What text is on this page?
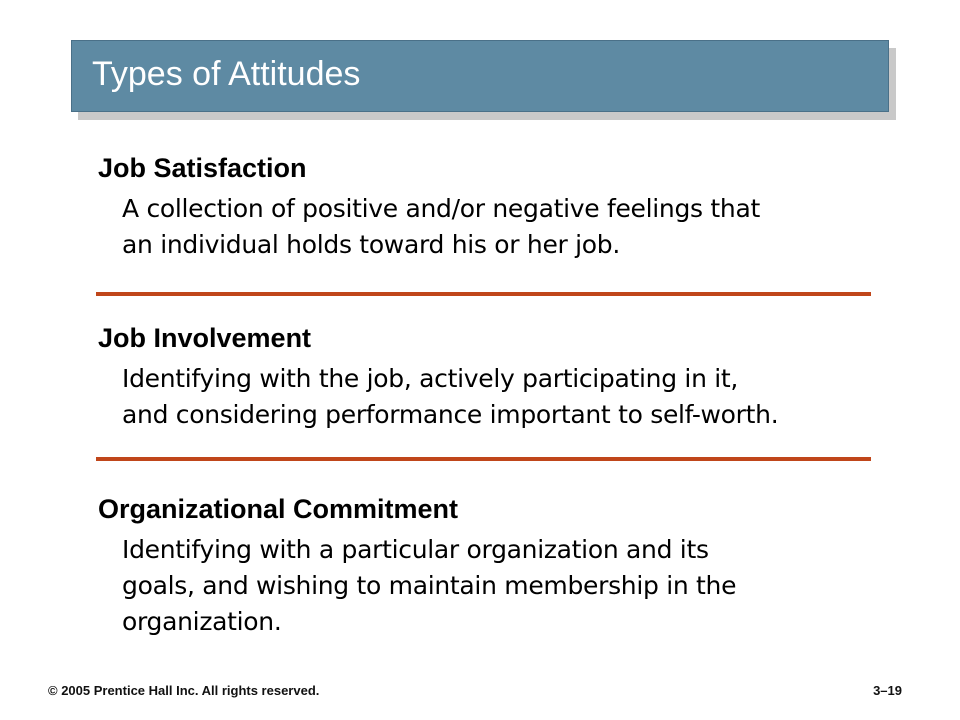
Types of Attitudes
Job Satisfaction
A collection of positive and/or negative feelings that
an individual holds toward his or her job.
Job Involvement
Identifying with the job, actively participating in it,
and considering performance important to self-worth.
Organizational Commitment
Identifying with a particular organization and its
goals, and wishing to maintain membership in the
organization.
© 2005 Prentice Hall Inc. All rights reserved.	3–19
